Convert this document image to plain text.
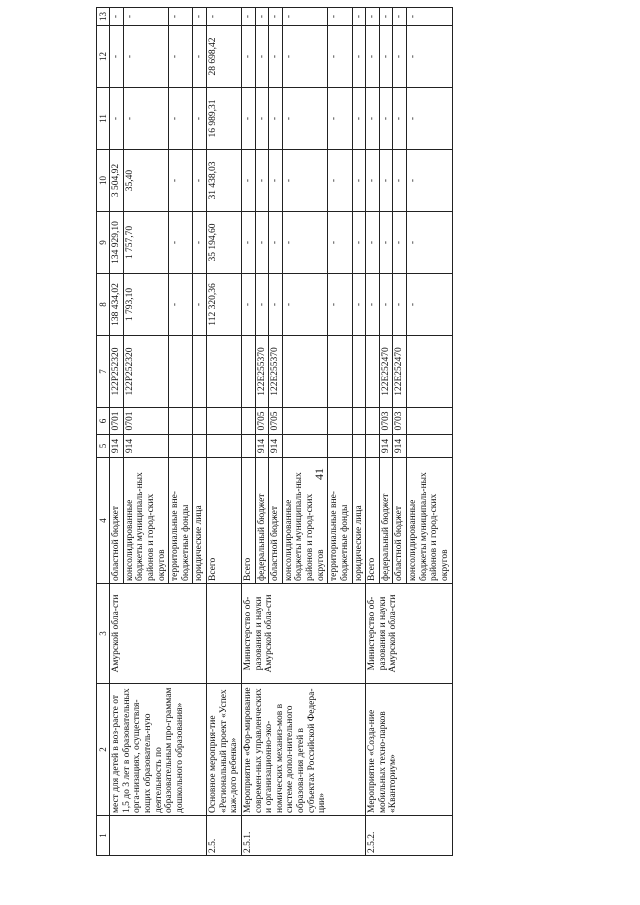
41
1	2	3	4	5	6	7	8	9	10	11	12	13
	мест для детей в воз-раcте от 1,5 до 3 лет в образовательных орга-низациях, осуществля-ющих образователь-ную деятельность по образовательным про-граммам дошкольного образования»	Амурской обла-сти	областной бюджет	914	0701	122P252320	138 434,02	134 929,10	3 504,92	-	-	-
			консолидированные бюджеты муниципаль-ных районов и город-ских округов	914	0701	122P252320	1 793,10	1 757,70	35,40	-	-	-
			территориальные вне-бюджетные фонды				-	-	-	-	-	-
			юридические лица				-	-	-	-	-	-
2.5.	Основное мероприя-тие «Региональный проект «Успех каж-дого ребенка»		Всего				112 320,36	35 194,60	31 438,03	16 989,31	28 698,42	-
2.5.1.	Мероприятие «Фор-мирование современ-ных управленческих и организационно-эко-номических механиз-мов в системе допол-нительного образова-ния детей в субъектах Российской Федера-ции»	Министерство об-разования и науки Амурской обла-сти	Всего				-	-	-	-	-	-
			федеральный бюджет	914	0705	122E255370	-	-	-	-	-	-
			областной бюджет	914	0705	122E255370	-	-	-	-	-	-
			консолидированные бюджеты муниципаль-ных районов и город-ских округов				-	-	-	-	-	-
			территориальные вне-бюджетные фонды				-	-	-	-	-	-
			юридические лица				-	-	-	-	-	-
2.5.2.	Мероприятие «Созда-ние мобильных техно-парков «Кванториум»	Министерство об-разования и науки Амурской обла-сти	Всего				-	-	-	-	-	-
			федеральный бюджет	914	0703	122E252470	-	-	-	-	-	-
			областной бюджет	914	0703	122E252470	-	-	-	-	-	-
			консолидированные бюджеты муниципаль-ных районов и город-ских округов				-	-	-	-	-	-
